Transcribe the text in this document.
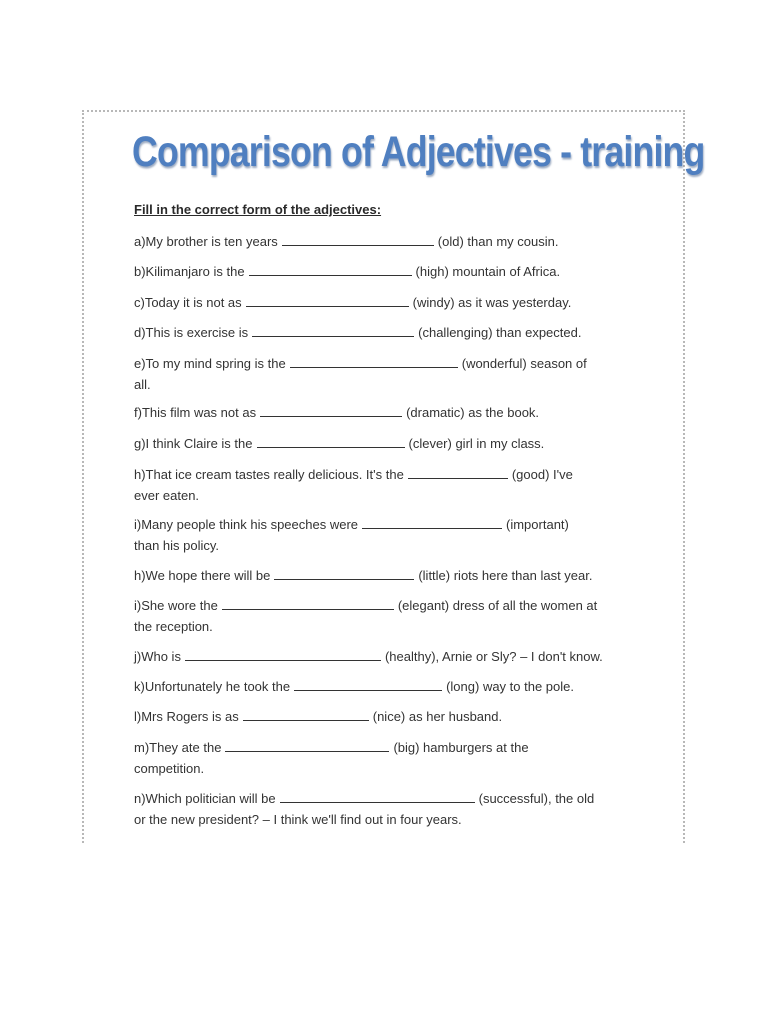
Comparison of Adjectives - training
Fill in the correct form of the adjectives:
a)My brother is ten years	(old) than my cousin.
b)Kilimanjaro is the	(high) mountain of Africa.
c)Today it is not as	(windy) as it was yesterday.
d)This is exercise is	(challenging) than expected.
e)To my mind spring is the	(wonderful) season of
all.
f)This film was not as	(dramatic) as the book.
g)I think Claire is the	(clever) girl in my class.
h)That ice cream tastes really delicious. It's the	(good) I've
ever eaten.
i)Many people think his speeches were	(important)
than his policy.
h)We hope there will be	(little) riots here than last year.
i)She wore the	(elegant) dress of all the women at
the reception.
j)Who is	(healthy), Arnie or Sly? – I don't know.
k)Unfortunately he took the	(long) way to the pole.
l)Mrs Rogers is as	(nice) as her husband.
m)They ate the	(big) hamburgers at the
competition.
n)Which politician will be	(successful), the old
or the new president? – I think we'll find out in four years.
